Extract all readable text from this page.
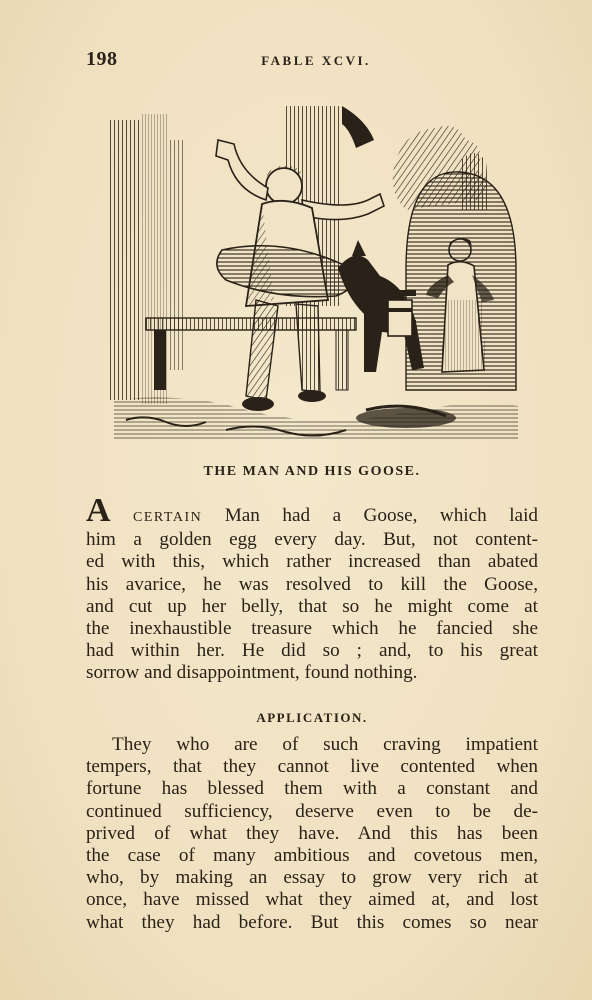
198	FABLE XCVI.
THE MAN AND HIS GOOSE.
A CERTAIN Man had a Goose, which laid
him a golden egg every day. But, not content-
ed with this, which rather increased than abated
his avarice, he was resolved to kill the Goose,
and cut up her belly, that so he might come at
the inexhaustible treasure which he fancied she
had within her. He did so ; and, to his great
sorrow and disappointment, found nothing.
APPLICATION.
They who are of such craving impatient
tempers, that they cannot live contented when
fortune has blessed them with a constant and
continued sufficiency, deserve even to be de-
prived of what they have. And this has been
the case of many ambitious and covetous men,
who, by making an essay to grow very rich at
once, have missed what they aimed at, and lost
what they had before. But this comes so near
